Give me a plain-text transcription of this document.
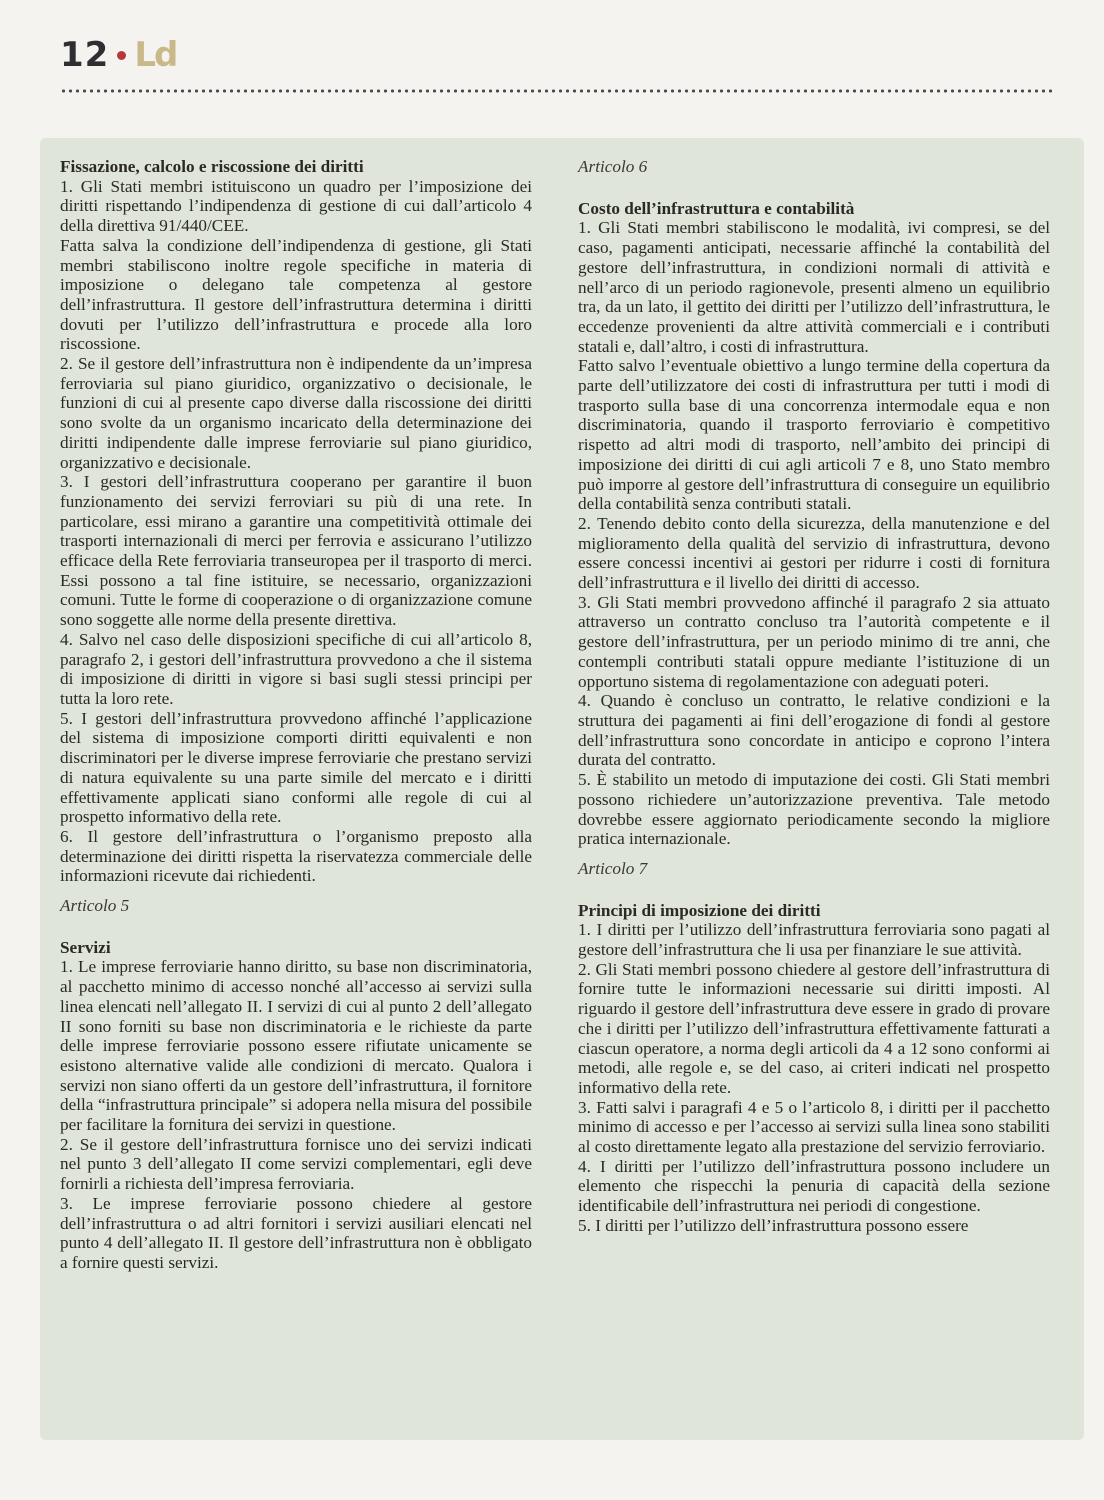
12 Ld

Fissazione, calcolo e riscossione dei diritti

1. Gli Stati membri istituiscono un quadro per l’imposizione dei diritti rispettando l’indipendenza di gestione di cui dall’articolo 4 della direttiva 91/440/CEE.

Fatta salva la condizione dell’indipendenza di gestione, gli Stati membri stabiliscono inoltre regole specifiche in materia di imposizione o delegano tale competenza al gestore dell’infrastruttura. Il gestore dell’infrastruttura determina i diritti dovuti per l’utilizzo dell’infrastruttura e procede alla loro riscossione.

2. Se il gestore dell’infrastruttura non è indipendente da un’impresa ferroviaria sul piano giuridico, organizzativo o decisionale, le funzioni di cui al presente capo diverse dalla riscossione dei diritti sono svolte da un organismo incaricato della determinazione dei diritti indipendente dalle imprese ferroviarie sul piano giuridico, organizzativo e decisionale.

3. I gestori dell’infrastruttura cooperano per garantire il buon funzionamento dei servizi ferroviari su più di una rete. In particolare, essi mirano a garantire una competitività ottimale dei trasporti internazionali di merci per ferrovia e assicurano l’utilizzo efficace della Rete ferroviaria transeuropea per il trasporto di merci. Essi possono a tal fine istituire, se necessario, organizzazioni comuni. Tutte le forme di cooperazione o di organizzazione comune sono soggette alle norme della presente direttiva.

4. Salvo nel caso delle disposizioni specifiche di cui all’articolo 8, paragrafo 2, i gestori dell’infrastruttura provvedono a che il sistema di imposizione di diritti in vigore si basi sugli stessi principi per tutta la loro rete.

5. I gestori dell’infrastruttura provvedono affinché l’applicazione del sistema di imposizione comporti diritti equivalenti e non discriminatori per le diverse imprese ferroviarie che prestano servizi di natura equivalente su una parte simile del mercato e i diritti effettivamente applicati siano conformi alle regole di cui al prospetto informativo della rete.

6. Il gestore dell’infrastruttura o l’organismo preposto alla determinazione dei diritti rispetta la riservatezza commerciale delle informazioni ricevute dai richiedenti.

Articolo 5

Servizi

1. Le imprese ferroviarie hanno diritto, su base non discriminatoria, al pacchetto minimo di accesso nonché all’accesso ai servizi sulla linea elencati nell’allegato II. I servizi di cui al punto 2 dell’allegato II sono forniti su base non discriminatoria e le richieste da parte delle imprese ferroviarie possono essere rifiutate unicamente se esistono alternative valide alle condizioni di mercato. Qualora i servizi non siano offerti da un gestore dell’infrastruttura, il fornitore della “infrastruttura principale” si adopera nella misura del possibile per facilitare la fornitura dei servizi in questione.

2. Se il gestore dell’infrastruttura fornisce uno dei servizi indicati nel punto 3 dell’allegato II come servizi complementari, egli deve fornirli a richiesta dell’impresa ferroviaria.

3. Le imprese ferroviarie possono chiedere al gestore dell’infrastruttura o ad altri fornitori i servizi ausiliari elencati nel punto 4 dell’allegato II. Il gestore dell’infrastruttura non è obbligato a fornire questi servizi.

Articolo 6

Costo dell’infrastruttura e contabilità

1. Gli Stati membri stabiliscono le modalità, ivi compresi, se del caso, pagamenti anticipati, necessarie affinché la contabilità del gestore dell’infrastruttura, in condizioni normali di attività e nell’arco di un periodo ragionevole, presenti almeno un equilibrio tra, da un lato, il gettito dei diritti per l’utilizzo dell’infrastruttura, le eccedenze provenienti da altre attività commerciali e i contributi statali e, dall’altro, i costi di infrastruttura.

Fatto salvo l’eventuale obiettivo a lungo termine della copertura da parte dell’utilizzatore dei costi di infrastruttura per tutti i modi di trasporto sulla base di una concorrenza intermodale equa e non discriminatoria, quando il trasporto ferroviario è competitivo rispetto ad altri modi di trasporto, nell’ambito dei principi di imposizione dei diritti di cui agli articoli 7 e 8, uno Stato membro può imporre al gestore dell’infrastruttura di conseguire un equilibrio della contabilità senza contributi statali.

2. Tenendo debito conto della sicurezza, della manutenzione e del miglioramento della qualità del servizio di infrastruttura, devono essere concessi incentivi ai gestori per ridurre i costi di fornitura dell’infrastruttura e il livello dei diritti di accesso.

3. Gli Stati membri provvedono affinché il paragrafo 2 sia attuato attraverso un contratto concluso tra l’autorità competente e il gestore dell’infrastruttura, per un periodo minimo di tre anni, che contempli contributi statali oppure mediante l’istituzione di un opportuno sistema di regolamentazione con adeguati poteri.

4. Quando è concluso un contratto, le relative condizioni e la struttura dei pagamenti ai fini dell’erogazione di fondi al gestore dell’infrastruttura sono concordate in anticipo e coprono l’intera durata del contratto.

5. È stabilito un metodo di imputazione dei costi. Gli Stati membri possono richiedere un’autorizzazione preventiva. Tale metodo dovrebbe essere aggiornato periodicamente secondo la migliore pratica internazionale.

Articolo 7

Principi di imposizione dei diritti

1. I diritti per l’utilizzo dell’infrastruttura ferroviaria sono pagati al gestore dell’infrastruttura che li usa per finanziare le sue attività.

2. Gli Stati membri possono chiedere al gestore dell’infrastruttura di fornire tutte le informazioni necessarie sui diritti imposti. Al riguardo il gestore dell’infrastruttura deve essere in grado di provare che i diritti per l’utilizzo dell’infrastruttura effettivamente fatturati a ciascun operatore, a norma degli articoli da 4 a 12 sono conformi ai metodi, alle regole e, se del caso, ai criteri indicati nel prospetto informativo della rete.

3. Fatti salvi i paragrafi 4 e 5 o l’articolo 8, i diritti per il pacchetto minimo di accesso e per l’accesso ai servizi sulla linea sono stabiliti al costo direttamente legato alla prestazione del servizio ferroviario.

4. I diritti per l’utilizzo dell’infrastruttura possono includere un elemento che rispecchi la penuria di capacità della sezione identificabile dell’infrastruttura nei periodi di congestione.

5. I diritti per l’utilizzo dell’infrastruttura possono essere
